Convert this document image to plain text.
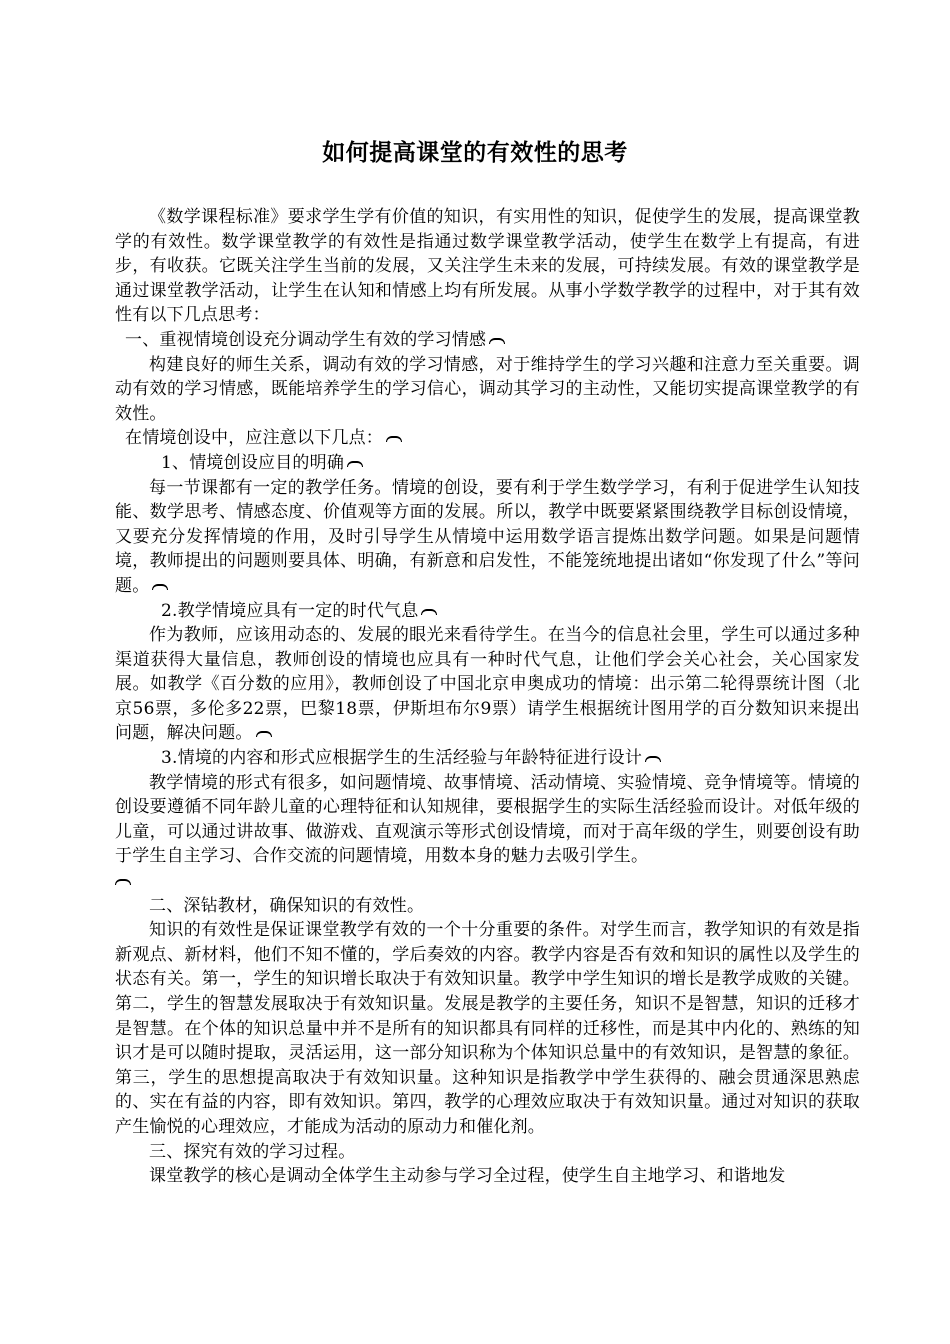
如何提高课堂的有效性的思考

《数学课程标准》要求学生学有价值的知识，有实用性的知识，促使学生的发展，提高课堂教学的有效性。数学课堂教学的有效性是指通过数学课堂教学活动，使学生在数学上有提高，有进步，有收获。它既关注学生当前的发展，又关注学生未来的发展，可持续发展。有效的课堂教学是通过课堂教学活动，让学生在认知和情感上均有所发展。从事小学数学教学的过程中，对于其有效性有以下几点思考：

一、重视情境创设充分调动学生有效的学习情感

构建良好的师生关系，调动有效的学习情感，对于维持学生的学习兴趣和注意力至关重要。调动有效的学习情感，既能培养学生的学习信心，调动其学习的主动性，又能切实提高课堂教学的有效性。

在情境创设中，应注意以下几点：

1、情境创设应目的明确

每一节课都有一定的教学任务。情境的创设，要有利于学生数学学习，有利于促进学生认知技能、数学思考、情感态度、价值观等方面的发展。所以，教学中既要紧紧围绕教学目标创设情境，又要充分发挥情境的作用，及时引导学生从情境中运用数学语言提炼出数学问题。如果是问题情境，教师提出的问题则要具体、明确，有新意和启发性，不能笼统地提出诸如“你发现了什么”等问题。

2.教学情境应具有一定的时代气息

作为教师，应该用动态的、发展的眼光来看待学生。在当今的信息社会里，学生可以通过多种渠道获得大量信息，教师创设的情境也应具有一种时代气息，让他们学会关心社会，关心国家发展。如教学《百分数的应用》，教师创设了中国北京申奥成功的情境：出示第二轮得票统计图（北京56票，多伦多22票，巴黎18票，伊斯坦布尔9票）请学生根据统计图用学的百分数知识来提出问题，解决问题。

3.情境的内容和形式应根据学生的生活经验与年龄特征进行设计

教学情境的形式有很多，如问题情境、故事情境、活动情境、实验情境、竞争情境等。情境的创设要遵循不同年龄儿童的心理特征和认知规律，要根据学生的实际生活经验而设计。对低年级的儿童，可以通过讲故事、做游戏、直观演示等形式创设情境，而对于高年级的学生，则要创设有助于学生自主学习、合作交流的问题情境，用数本身的魅力去吸引学生。

二、深钻教材，确保知识的有效性。

知识的有效性是保证课堂教学有效的一个十分重要的条件。对学生而言，教学知识的有效是指新观点、新材料，他们不知不懂的，学后奏效的内容。教学内容是否有效和知识的属性以及学生的状态有关。第一，学生的知识增长取决于有效知识量。教学中学生知识的增长是教学成败的关键。第二，学生的智慧发展取决于有效知识量。发展是教学的主要任务，知识不是智慧，知识的迁移才是智慧。在个体的知识总量中并不是所有的知识都具有同样的迁移性，而是其中内化的、熟练的知识才是可以随时提取，灵活运用，这一部分知识称为个体知识总量中的有效知识，是智慧的象征。第三，学生的思想提高取决于有效知识量。这种知识是指教学中学生获得的、融会贯通深思熟虑的、实在有益的内容，即有效知识。第四，教学的心理效应取决于有效知识量。通过对知识的获取产生愉悦的心理效应，才能成为活动的原动力和催化剂。

三、探究有效的学习过程。

课堂教学的核心是调动全体学生主动参与学习全过程，使学生自主地学习、和谐地发
